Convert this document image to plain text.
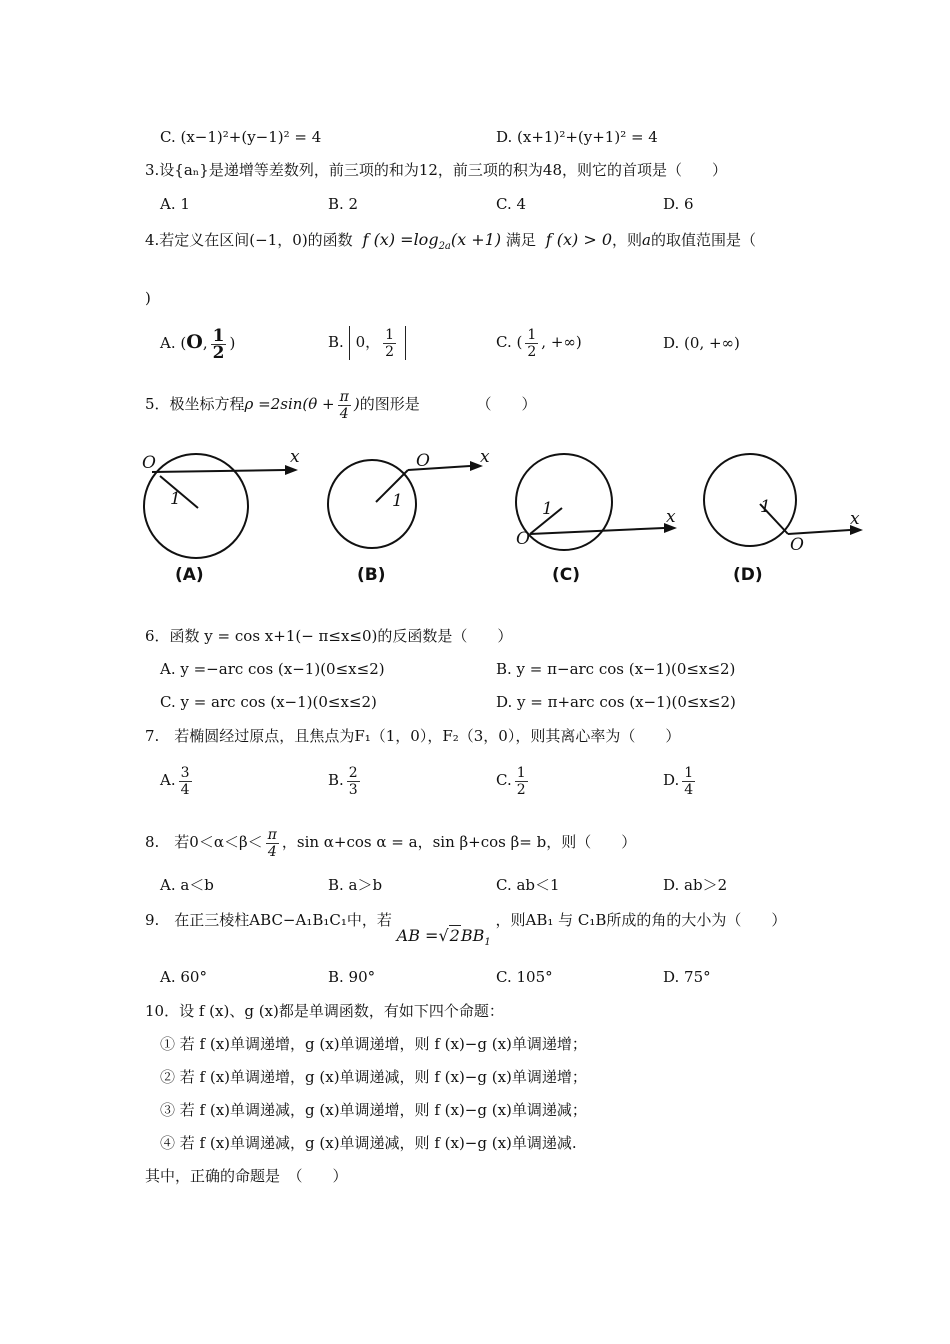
C. (x−1)²+(y−1)² = 4	D. (x+1)²+(y+1)² = 4
3.设{aₙ}是递增等差数列，前三项的和为12，前三项的积为48，则它的首项是（　　）
A. 1	B. 2	C. 4	D. 6
4.若定义在区间(−1，0)的函数  f $(x) =\log_{2a}(x +1)$ 满足  f (x) > 0，则a的取值范围是（
)
A. (O, $\frac{1}{2}$ )	B. 0， $\frac{1}{2}$	C. ( $\frac{1}{2}$ , +∞)	D. (0, +∞)
5．极坐标方程$\rho =2\sin(\theta + \frac{\pi}{4}$ )的图形是	（　　）
O	x
1
O	x
1
O
x
1
O
x
1
(A)	(B)	(C)	(D)
6．函数 y = cos x+1(− π≤x≤0)的反函数是（　　）
A. y =−arc cos (x−1)(0≤x≤2)	B. y = π−arc cos (x−1)(0≤x≤2)
C. y = arc cos (x−1)(0≤x≤2)	D. y = π+arc cos (x−1)(0≤x≤2)
7.　若椭圆经过原点，且焦点为F₁（1，0），F₂（3，0），则其离心率为（　　）
A. $\frac{3}{4}$	B. $\frac{2}{3}$	C. $\frac{1}{2}$	D. $\frac{1}{4}$
8.　若$0<\alpha<\beta< \frac{\pi}{4}$ ，sin α+cos α = a，sin β+cos β= b，则（　　）
A. a＜b	B. a＞b	C. ab＜1	D. ab＞2
9.　在正三棱柱ABC−A₁B₁C₁中，若 AB $=√2BB_1$ ，则AB₁ 与 C₁B所成的角的大小为（　　）
A. 60°	B. 90°	C. 105°	D. 75°
10．设 f (x)、g (x)都是单调函数，有如下四个命题：
① 若 f (x)单调递增，g (x)单调递增，则 f (x)−g (x)单调递增；
② 若 f (x)单调递增，g (x)单调递减，则 f (x)−g (x)单调递增；
③ 若 f (x)单调递减，g (x)单调递增，则 f (x)−g (x)单调递减；
④ 若 f (x)单调递减，g (x)单调递减，则 f (x)−g (x)单调递减.
其中，正确的命题是　（　　）
